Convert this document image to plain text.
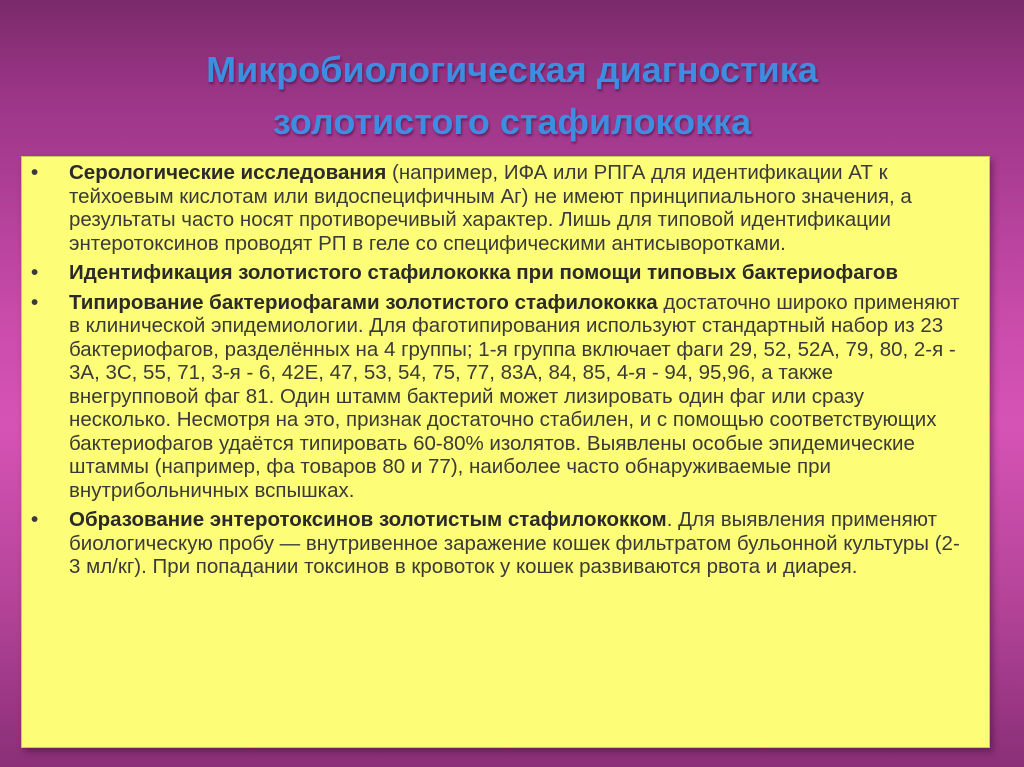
Микробиологическая диагностика
золотистого стафилококка
• Серологические исследования (например, ИФА или РПГА для идентификации АТ к тейхоевым кислотам или видоспецифичным Аг) не имеют принципиального значения, а результаты часто носят противоречивый характер. Лишь для типовой идентификации энтеротоксинов проводят РП в геле со специфическими антисыворотками.
• Идентификация золотистого стафилококка при помощи типовых бактериофагов
• Типирование бактериофагами золотистого стафилококка достаточно широко применяют в клинической эпидемиологии. Для фаготипирования используют стандартный набор из 23 бактериофагов, разделённых на 4 группы; 1-я группа включает фаги 29, 52, 52А, 79, 80, 2-я - 3А, 3С, 55, 71, 3-я - 6, 42Е, 47, 53, 54, 75, 77, 83А, 84, 85, 4-я - 94, 95,96, а также внегрупповой фаг 81. Один штамм бактерий может лизировать один фаг или сразу несколько. Несмотря на это, признак достаточно стабилен, и с помощью соответствующих бактериофагов удаётся типировать 60-80% изолятов. Выявлены особые эпидемические штаммы (например, фа товаров 80 и 77), наиболее часто обнаруживаемые при внутрибольничных вспышках.
• Образование энтеротоксинов золотистым стафилококком. Для выявления применяют биологическую пробу — внутривенное заражение кошек фильтратом бульонной культуры (2-3 мл/кг). При попадании токсинов в кровоток у кошек развиваются рвота и диарея.
